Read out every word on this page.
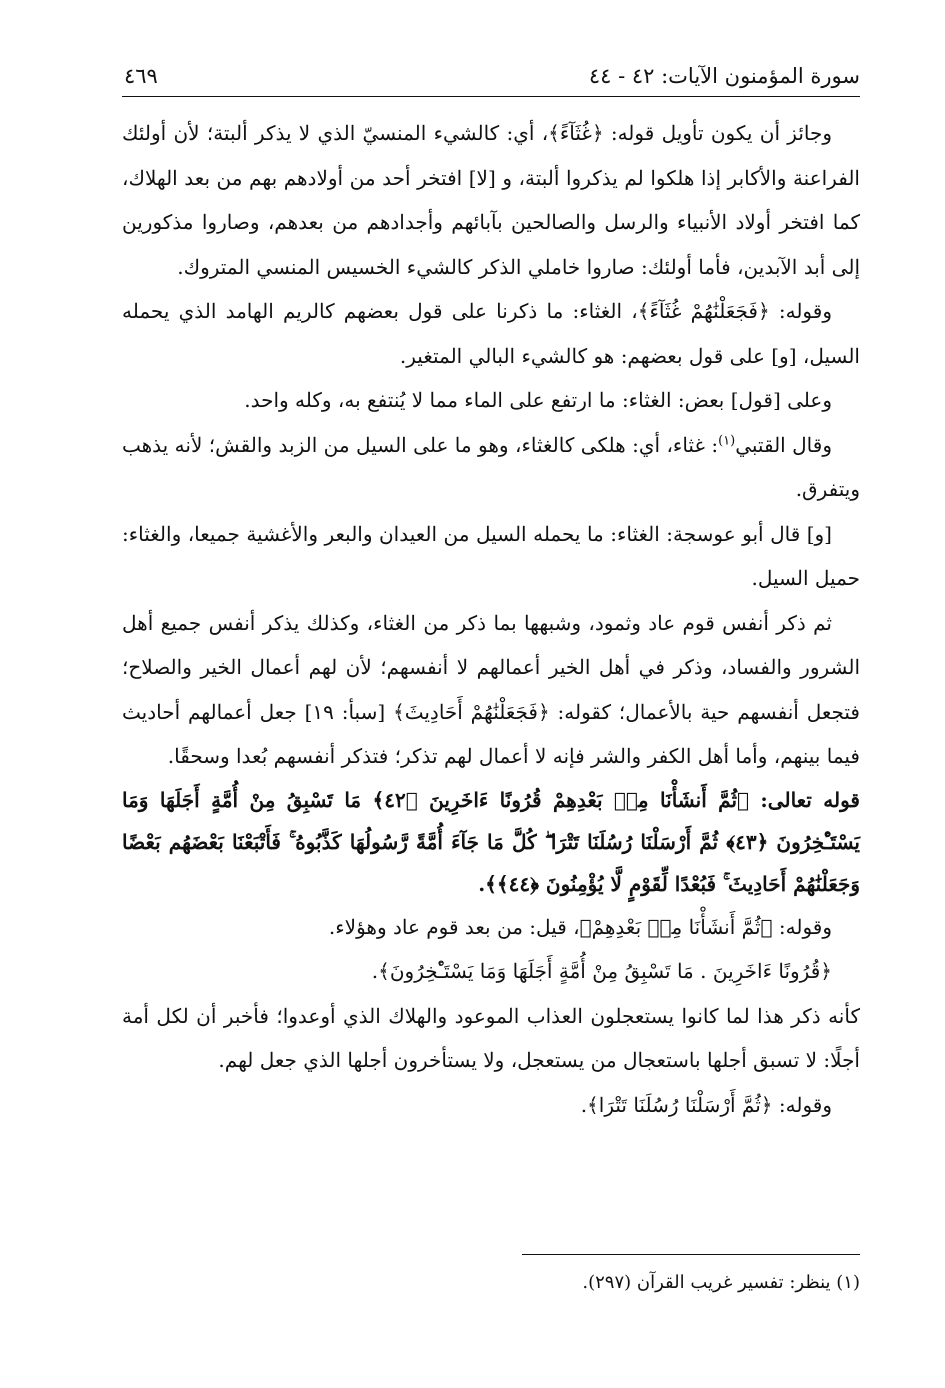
سورة المؤمنون الآيات: ٤٢ - ٤٤
٤٦٩

وجائز أن يكون تأويل قوله: ﴿غُثَآءً﴾، أي: كالشيء المنسيّ الذي لا يذكر ألبتة؛ لأن أولئك الفراعنة والأكابر إذا هلكوا لم يذكروا ألبتة، و [لا] افتخر أحد من أولادهم بهم من بعد الهلاك، كما افتخر أولاد الأنبياء والرسل والصالحين بآبائهم وأجدادهم من بعدهم، وصاروا مذكورين إلى أبد الآبدين، فأما أولئك: صاروا خاملي الذكر كالشيء الخسيس المنسي المتروك.

وقوله: ﴿فَجَعَلْنَٰهُمْ غُثَآءً﴾، الغثاء: ما ذكرنا على قول بعضهم كالريم الهامد الذي يحمله السيل، [و] على قول بعضهم: هو كالشيء البالي المتغير.

وعلى [قول] بعض: الغثاء: ما ارتفع على الماء مما لا يُنتفع به، وكله واحد.

وقال القتبي$^{(١)}$: غثاء، أي: هلكى كالغثاء، وهو ما على السيل من الزبد والقش؛ لأنه يذهب ويتفرق.

[و] قال أبو عوسجة: الغثاء: ما يحمله السيل من العيدان والبعر والأغشية جميعا، والغثاء: حميل السيل.

ثم ذكر أنفس قوم عاد وثمود، وشبهها بما ذكر من الغثاء، وكذلك يذكر أنفس جميع أهل الشرور والفساد، وذكر في أهل الخير أعمالهم لا أنفسهم؛ لأن لهم أعمال الخير والصلاح؛ فتجعل أنفسهم حية بالأعمال؛ كقوله: ﴿فَجَعَلْنَٰهُمْ أَحَادِيثَ﴾ [سبأ: ١٩] جعل أعمالهم أحاديث فيما بينهم، وأما أهل الكفر والشر فإنه لا أعمال لهم تذكر؛ فتذكر أنفسهم بُعدا وسحقًا.

قوله تعالى: ﴿ثُمَّ أَنشَأْنَا مِنۢ بَعْدِهِمْ قُرُونًا ءَاخَرِينَ ﴿٤٢﴾ مَا تَسْبِقُ مِنْ أُمَّةٍ أَجَلَهَا وَمَا يَسْتَـْٔخِرُونَ ﴿٤٣﴾ ثُمَّ أَرْسَلْنَا رُسُلَنَا تَتْرَا ۖ كُلَّ مَا جَآءَ أُمَّةً رَّسُولُهَا كَذَّبُوهُ ۚ فَأَتْبَعْنَا بَعْضَهُم بَعْضًا وَجَعَلْنَٰهُمْ أَحَادِيثَ ۚ فَبُعْدًا لِّقَوْمٍ لَّا يُؤْمِنُونَ ﴿٤٤﴾﴾.

وقوله: ﴿ثُمَّ أَنشَأْنَا مِنۢ بَعْدِهِمْ﴾، قيل: من بعد قوم عاد وهؤلاء.

﴿قُرُونًا ءَاخَرِينَ . مَا تَسْبِقُ مِنْ أُمَّةٍ أَجَلَهَا وَمَا يَسْتَـْٔخِرُونَ﴾.

كأنه ذكر هذا لما كانوا يستعجلون العذاب الموعود والهلاك الذي أوعدوا؛ فأخبر أن لكل أمة أجلًا: لا تسبق أجلها باستعجال من يستعجل، ولا يستأخرون أجلها الذي جعل لهم.

وقوله: ﴿ثُمَّ أَرْسَلْنَا رُسُلَنَا تَتْرَا﴾.

(١) ينظر: تفسير غريب القرآن (٢٩٧).
